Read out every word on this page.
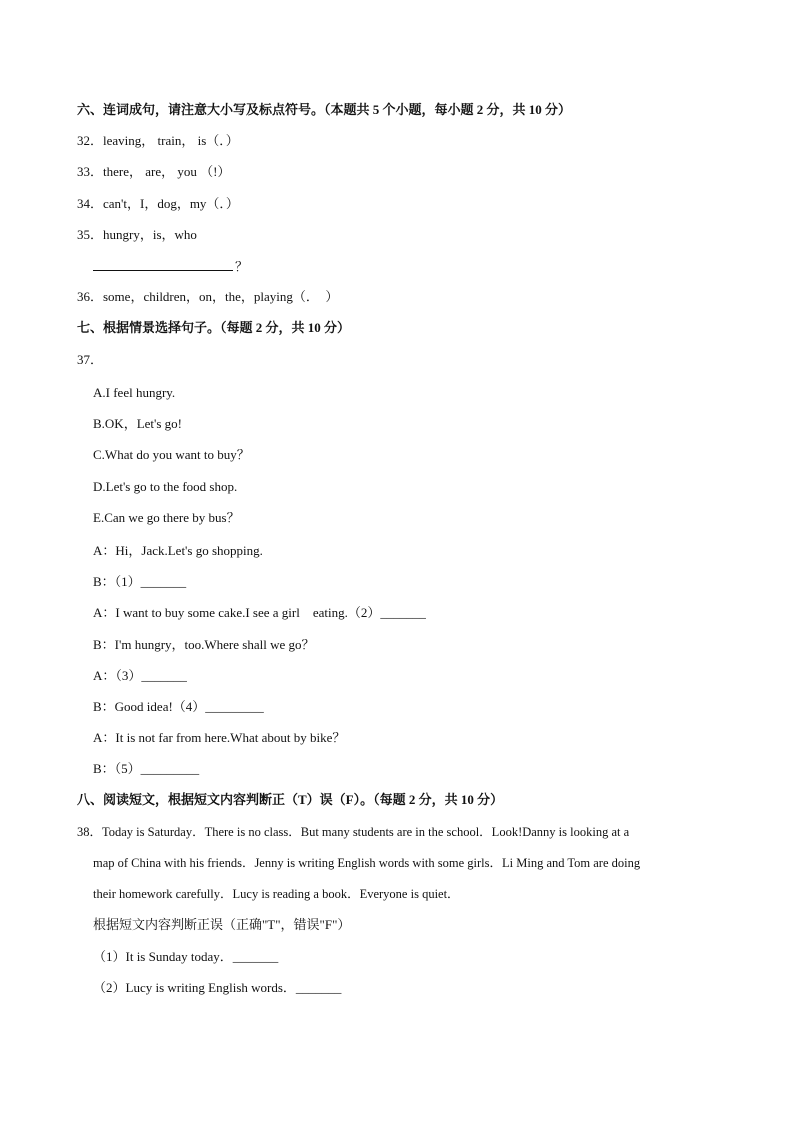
六、连词成句，请注意大小写及标点符号。（本题共 5 个小题，每小题 2 分，共 10 分）
32．leaving， train， is（．）
33．there， are， you （!）
34．can't，I，dog，my（．）
35．hungry，is，who
？
36．some，children，on，the，playing（．  ）
七、根据情景选择句子。（每题 2 分，共 10 分）
37．
A.I feel hungry.
B.OK，Let's go!
C.What do you want to buy？
D.Let's go to the food shop.
E.Can we go there by bus？
A：Hi，Jack.Let's go shopping.
B：（1）_______
A：I want to buy some cake.I see a girl    eating.（2）_______
B：I'm hungry，too.Where shall we go？
A：（3）_______
B：Good idea!（4）_________
A：It is not far from here.What about by bike？
B：（5）_________
八、阅读短文，根据短文内容判断正（T）误（F）。（每题 2 分，共 10 分）
38．Today is Saturday．There is no class．But many students are in the school．Look!Danny is looking at a
map of China with his friends．Jenny is writing English words with some girls．Li Ming and Tom are doing
their homework carefully．Lucy is reading a book．Everyone is quiet．
根据短文内容判断正误（正确"T"，错误"F"）
（1）It is Sunday today．_______
（2）Lucy is writing English words．_______
